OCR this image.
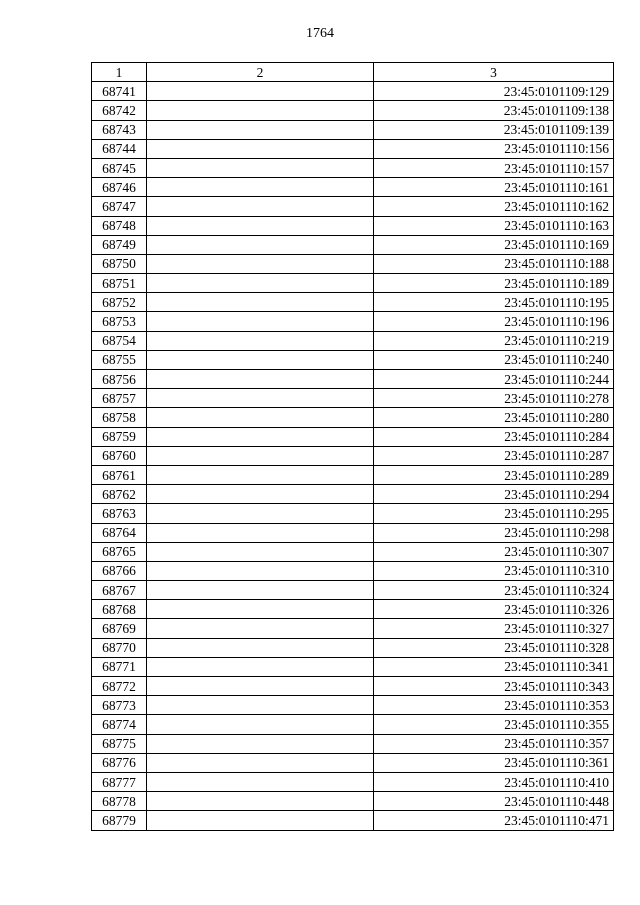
1764
1	2	3
68741		23:45:0101109:129
68742		23:45:0101109:138
68743		23:45:0101109:139
68744		23:45:0101110:156
68745		23:45:0101110:157
68746		23:45:0101110:161
68747		23:45:0101110:162
68748		23:45:0101110:163
68749		23:45:0101110:169
68750		23:45:0101110:188
68751		23:45:0101110:189
68752		23:45:0101110:195
68753		23:45:0101110:196
68754		23:45:0101110:219
68755		23:45:0101110:240
68756		23:45:0101110:244
68757		23:45:0101110:278
68758		23:45:0101110:280
68759		23:45:0101110:284
68760		23:45:0101110:287
68761		23:45:0101110:289
68762		23:45:0101110:294
68763		23:45:0101110:295
68764		23:45:0101110:298
68765		23:45:0101110:307
68766		23:45:0101110:310
68767		23:45:0101110:324
68768		23:45:0101110:326
68769		23:45:0101110:327
68770		23:45:0101110:328
68771		23:45:0101110:341
68772		23:45:0101110:343
68773		23:45:0101110:353
68774		23:45:0101110:355
68775		23:45:0101110:357
68776		23:45:0101110:361
68777		23:45:0101110:410
68778		23:45:0101110:448
68779		23:45:0101110:471
